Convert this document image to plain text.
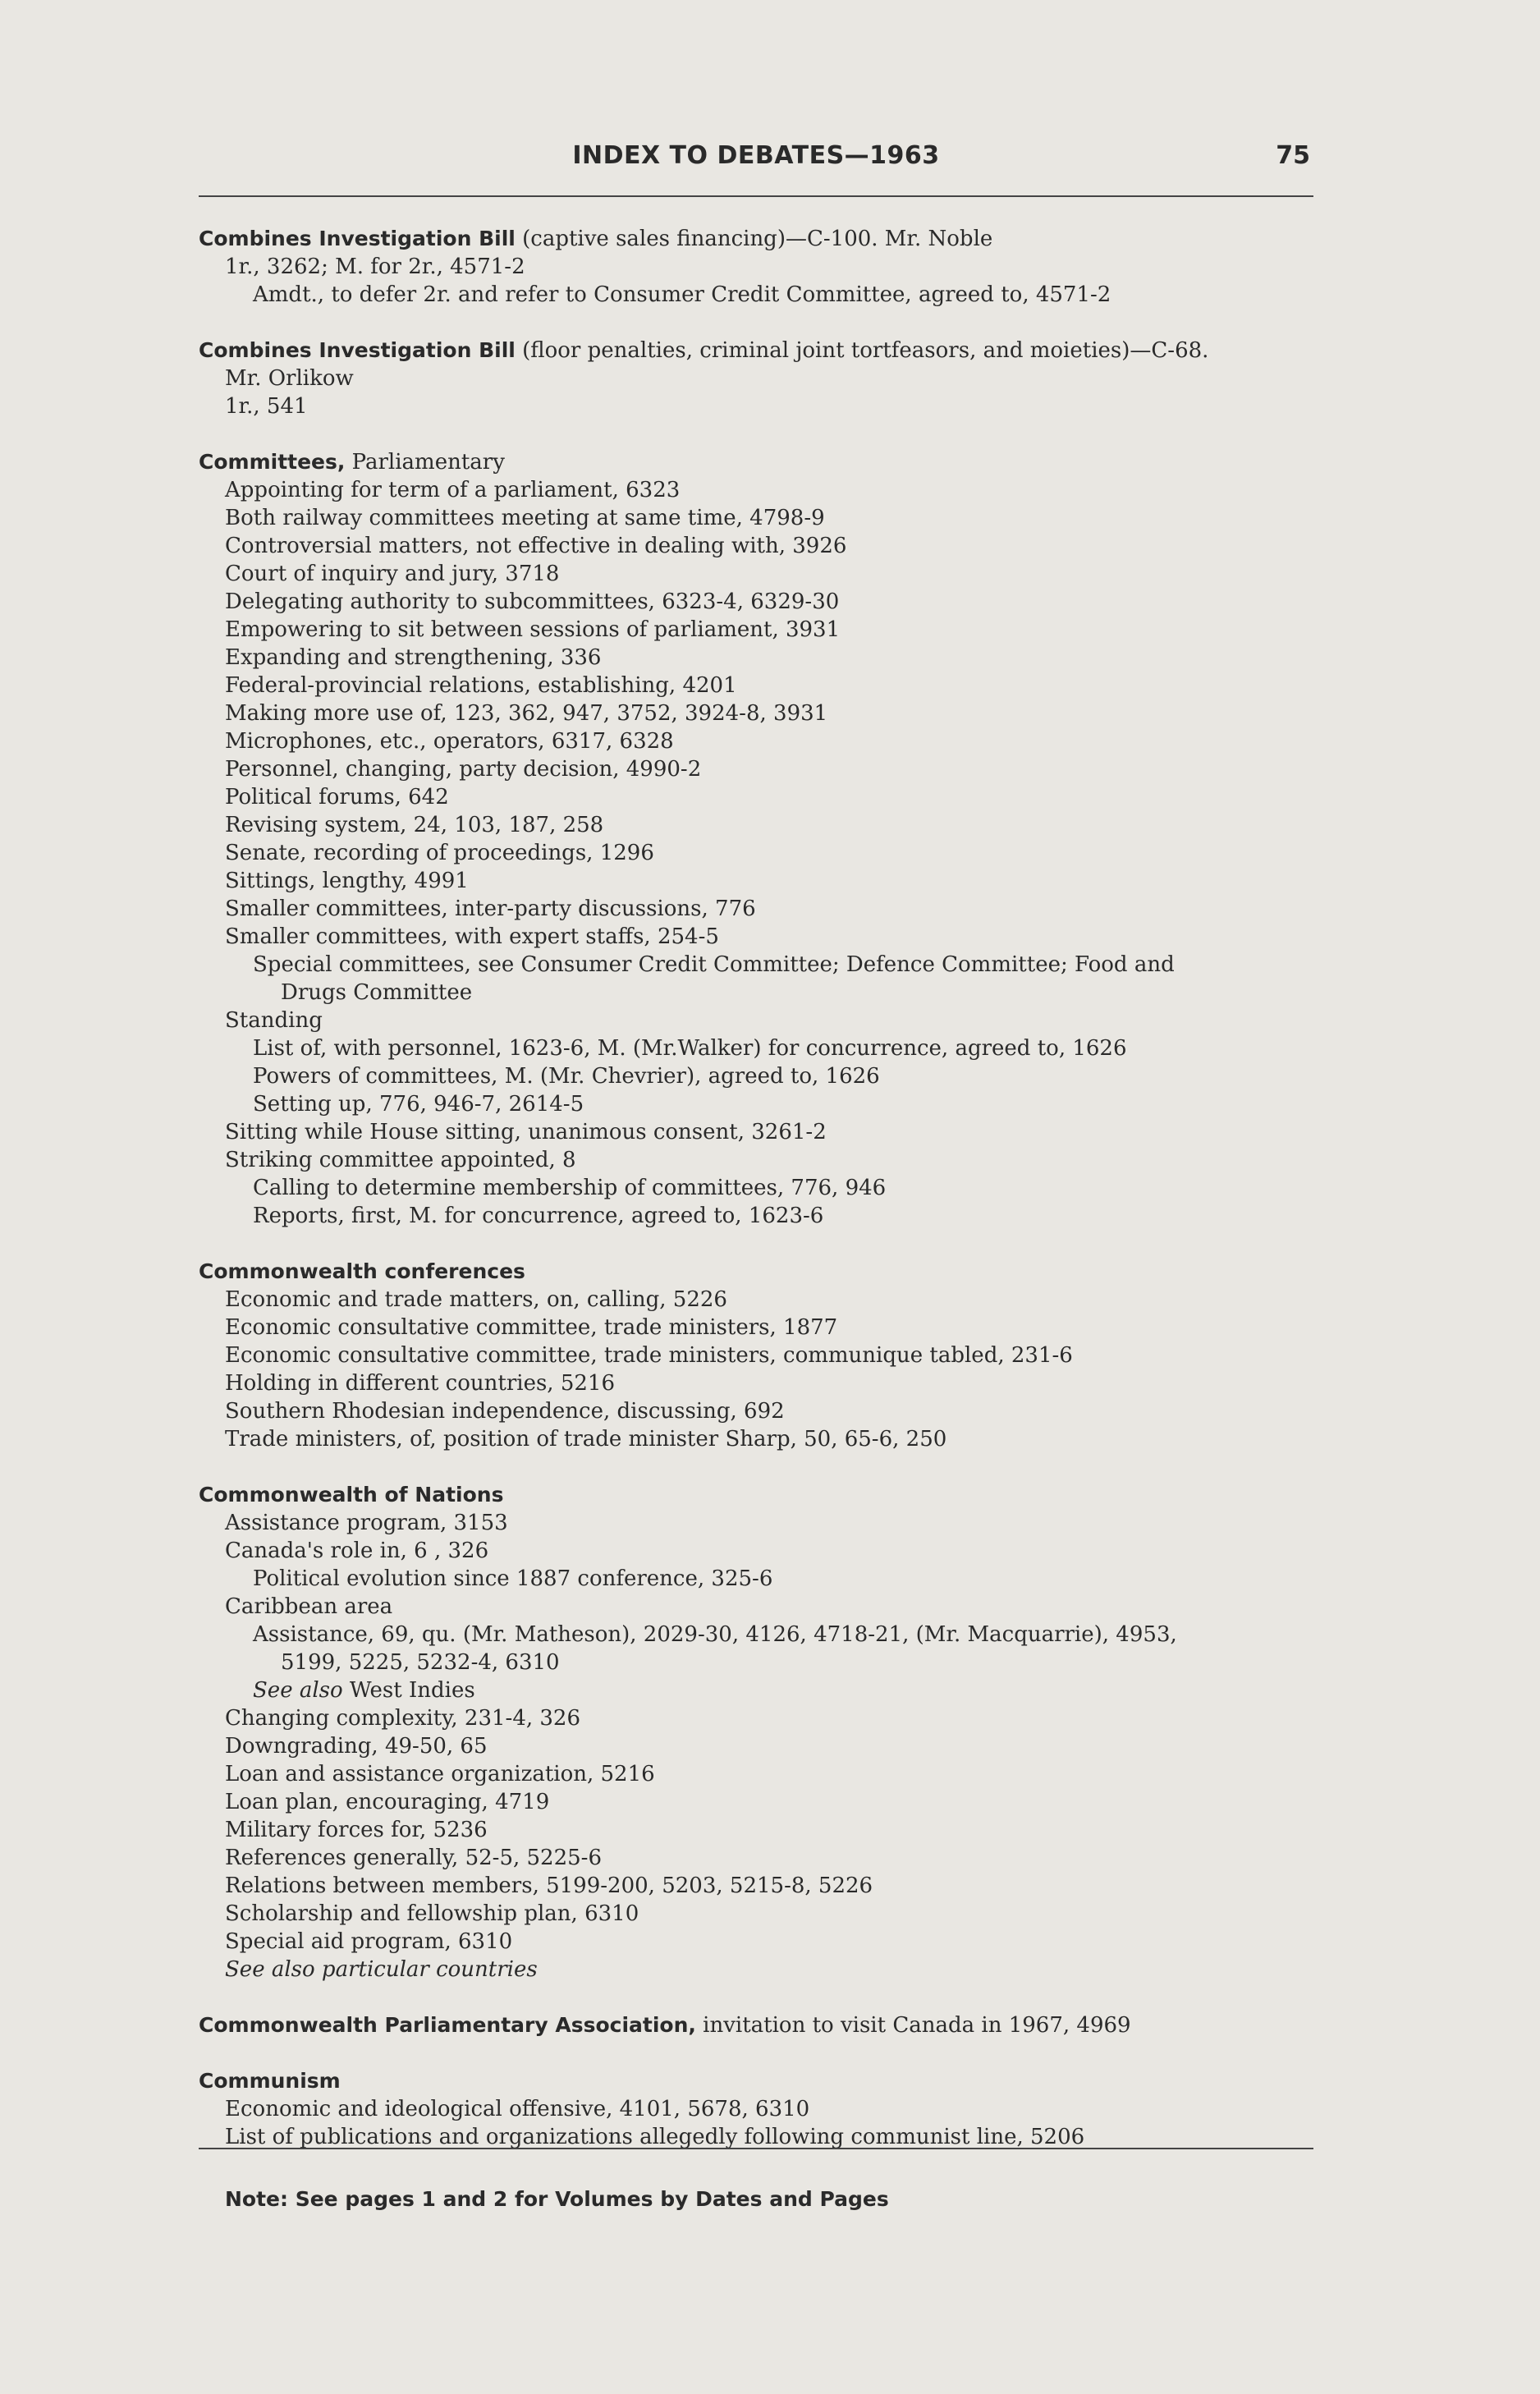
INDEX TO DEBATES—1963	75
Combines Investigation Bill (captive sales financing)—C-100. Mr. Noble
1r., 3262; M. for 2r., 4571-2
Amdt., to defer 2r. and refer to Consumer Credit Committee, agreed to, 4571-2
Combines Investigation Bill (floor penalties, criminal joint tortfeasors, and moieties)—C-68.
Mr. Orlikow
1r., 541
Committees, Parliamentary
Appointing for term of a parliament, 6323
Both railway committees meeting at same time, 4798-9
Controversial matters, not effective in dealing with, 3926
Court of inquiry and jury, 3718
Delegating authority to subcommittees, 6323-4, 6329-30
Empowering to sit between sessions of parliament, 3931
Expanding and strengthening, 336
Federal-provincial relations, establishing, 4201
Making more use of, 123, 362, 947, 3752, 3924-8, 3931
Microphones, etc., operators, 6317, 6328
Personnel, changing, party decision, 4990-2
Political forums, 642
Revising system, 24, 103, 187, 258
Senate, recording of proceedings, 1296
Sittings, lengthy, 4991
Smaller committees, inter-party discussions, 776
Smaller committees, with expert staffs, 254-5
Special committees, see Consumer Credit Committee; Defence Committee; Food and
Drugs Committee
Standing
List of, with personnel, 1623-6, M. (Mr.Walker) for concurrence, agreed to, 1626
Powers of committees, M. (Mr. Chevrier), agreed to, 1626
Setting up, 776, 946-7, 2614-5
Sitting while House sitting, unanimous consent, 3261-2
Striking committee appointed, 8
Calling to determine membership of committees, 776, 946
Reports, first, M. for concurrence, agreed to, 1623-6
Commonwealth conferences
Economic and trade matters, on, calling, 5226
Economic consultative committee, trade ministers, 1877
Economic consultative committee, trade ministers, communique tabled, 231-6
Holding in different countries, 5216
Southern Rhodesian independence, discussing, 692
Trade ministers, of, position of trade minister Sharp, 50, 65-6, 250
Commonwealth of Nations
Assistance program, 3153
Canada's role in, 6 , 326
Political evolution since 1887 conference, 325-6
Caribbean area
Assistance, 69, qu. (Mr. Matheson), 2029-30, 4126, 4718-21, (Mr. Macquarrie), 4953,
5199, 5225, 5232-4, 6310
See also West Indies
Changing complexity, 231-4, 326
Downgrading, 49-50, 65
Loan and assistance organization, 5216
Loan plan, encouraging, 4719
Military forces for, 5236
References generally, 52-5, 5225-6
Relations between members, 5199-200, 5203, 5215-8, 5226
Scholarship and fellowship plan, 6310
Special aid program, 6310
See also particular countries
Commonwealth Parliamentary Association, invitation to visit Canada in 1967, 4969
Communism
Economic and ideological offensive, 4101, 5678, 6310
List of publications and organizations allegedly following communist line, 5206
Note: See pages 1 and 2 for Volumes by Dates and Pages
